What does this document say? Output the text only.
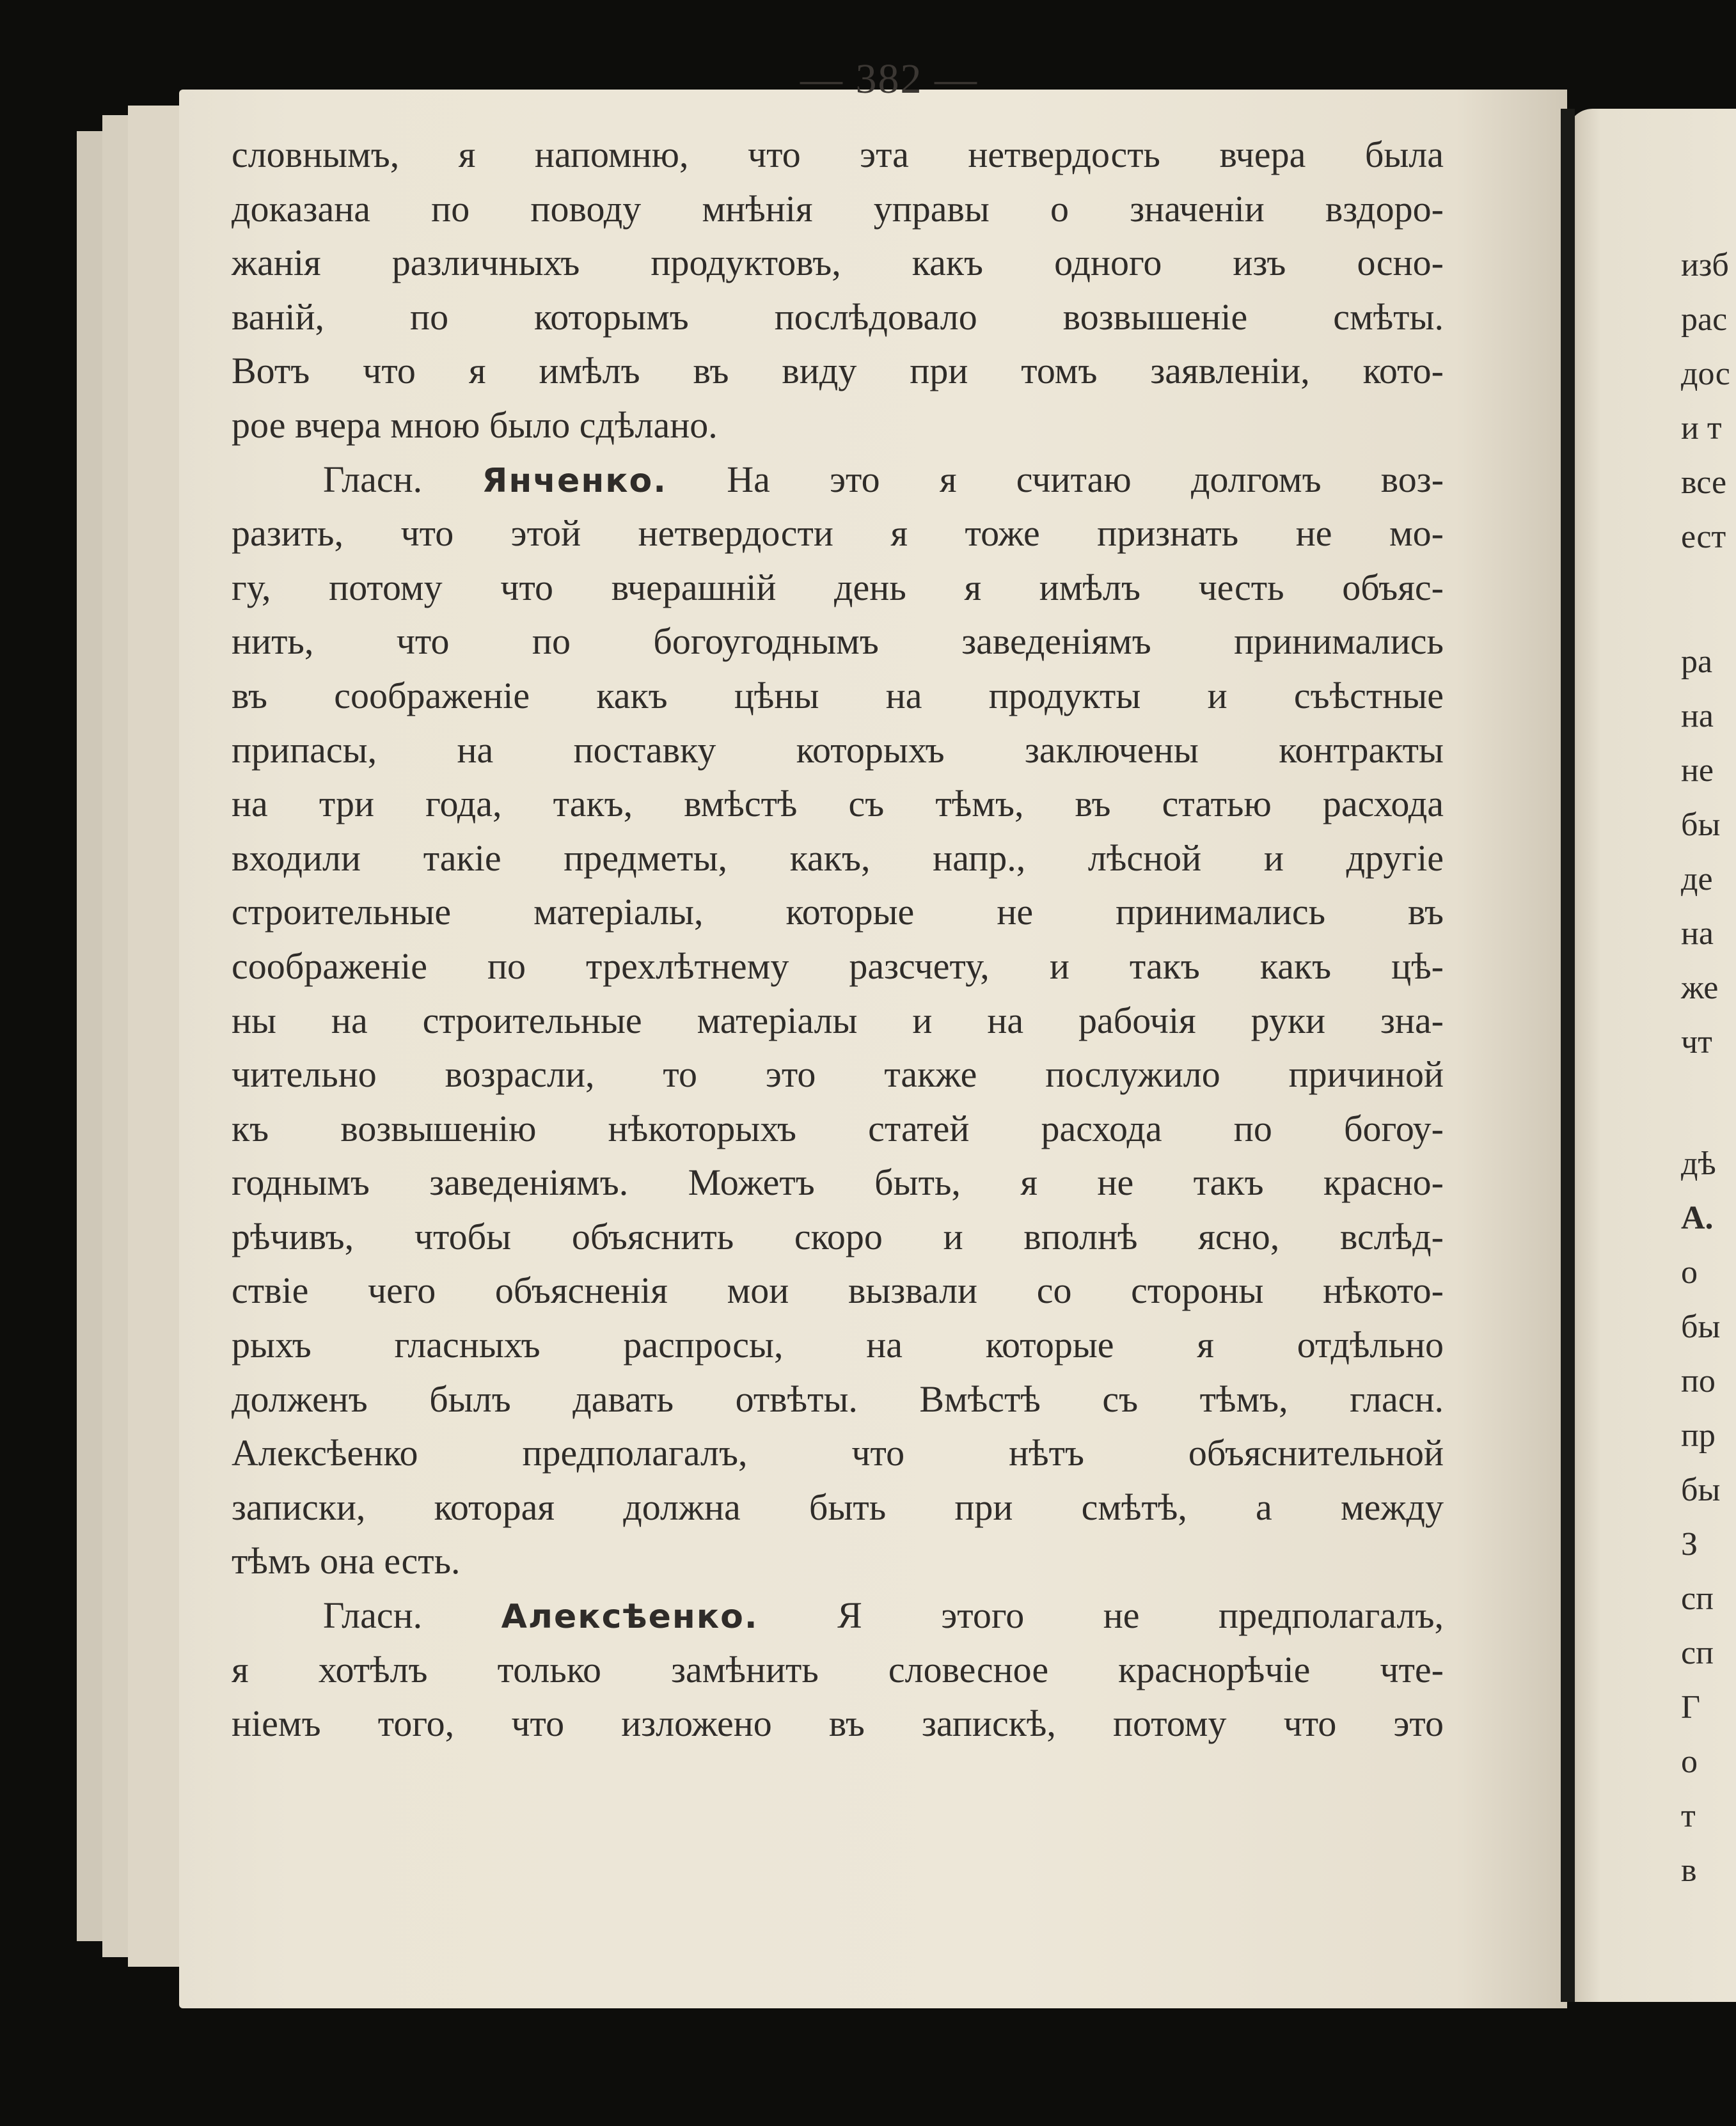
— 382 —
словнымъ, я напомню, что эта нетвердость вчера была
доказана по поводу мнѣнія управы о значеніи вздоро-
жанія различныхъ продуктовъ, какъ одного изъ осно-
ваній, по которымъ послѣдовало возвышеніе смѣты.
Вотъ что я имѣлъ въ виду при томъ заявленіи, кото-
рое вчера мною было сдѣлано.
Гласн. Янченко. На это я считаю долгомъ воз-
разить, что этой нетвердости я тоже признать не мо-
гу, потому что вчерашній день я имѣлъ честь объяс-
нить, что по богоугоднымъ заведеніямъ принимались
въ соображеніе какъ цѣны на продукты и съѣстные
припасы, на поставку которыхъ заключены контракты
на три года, такъ, вмѣстѣ съ тѣмъ, въ статью расхода
входили такіе предметы, какъ, напр., лѣсной и другіе
строительные матеріалы, которые не принимались въ
соображеніе по трехлѣтнему разсчету, и такъ какъ цѣ-
ны на строительные матеріалы и на рабочія руки зна-
чительно возрасли, то это также послужило причиной
къ возвышенію нѣкоторыхъ статей расхода по богоу-
годнымъ заведеніямъ. Можетъ быть, я не такъ красно-
рѣчивъ, чтобы объяснить скоро и вполнѣ ясно, вслѣд-
ствіе чего объясненія мои вызвали со стороны нѣкото-
рыхъ гласныхъ распросы, на которые я отдѣльно
долженъ былъ давать отвѣты. Вмѣстѣ съ тѣмъ, гласн.
Алексѣенко предполагалъ, что нѣтъ объяснительной
записки, которая должна быть при смѣтѣ, а между
тѣмъ она есть.
Гласн. Алексѣенко. Я этого не предполагалъ,
я хотѣлъ только замѣнить словесное краснорѣчіе чте-
ніемъ того, что изложено въ запискѣ, потому что это
изб
рас
дос
и т
все
ест
ра
на
не
бы
де
на
же
чт
дѣ
А.
о
бы
по
пр
бы
З
сп
сп
Г
о
т
в
